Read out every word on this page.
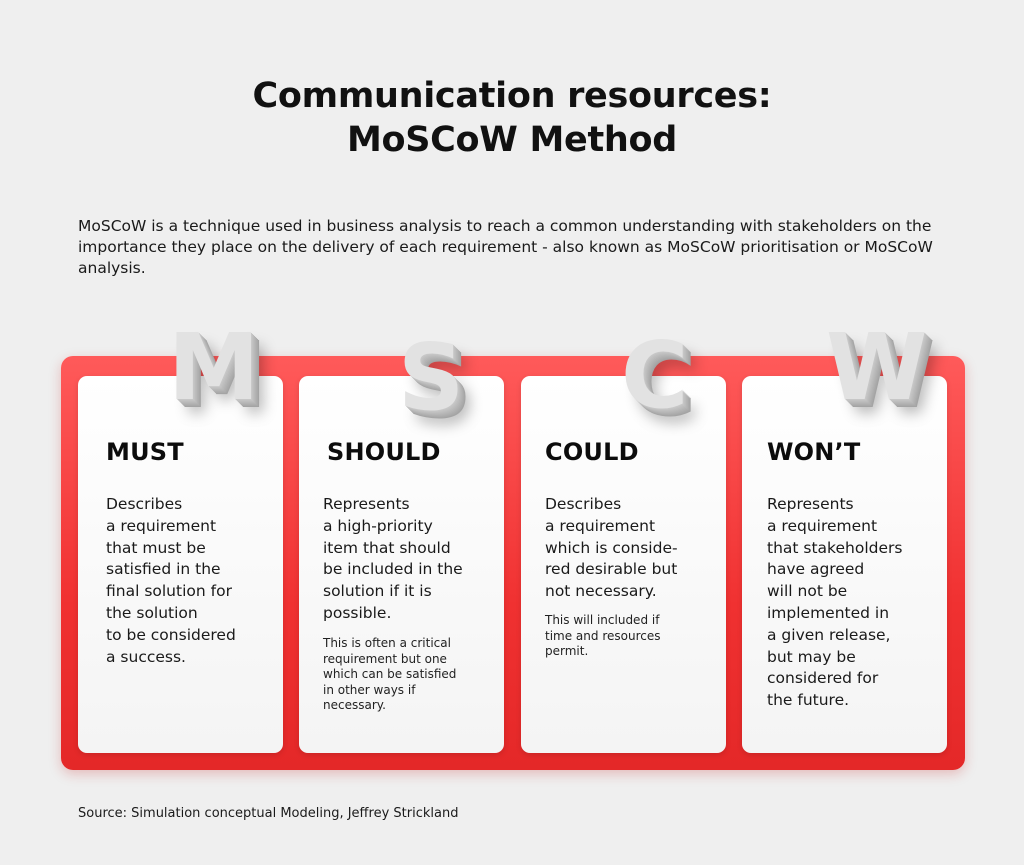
Communication resources:
MoSCoW Method
MoSCoW is a technique used in business analysis to reach a common understanding with stakeholders on the importance they place on the delivery of each requirement - also known as MoSCoW prioritisation or MoSCoW analysis.
MUST
Describes
a requirement
that must be
satisfied in the
final solution for
the solution
to be considered
a success.
SHOULD
Represents
a high-priority
item that should
be included in the
solution if it is
possible.
This is often a critical
requirement but one
which can be satisfied
in other ways if
necessary.
COULD
Describes
a requirement
which is conside-
red desirable but
not necessary.
This will included if
time and resources
permit.
WON’T
Represents
a requirement
that stakeholders
have agreed
will not be
implemented in
a given release,
but may be
considered for
the future.
M S C W
Source: Simulation conceptual Modeling, Jeffrey Strickland
